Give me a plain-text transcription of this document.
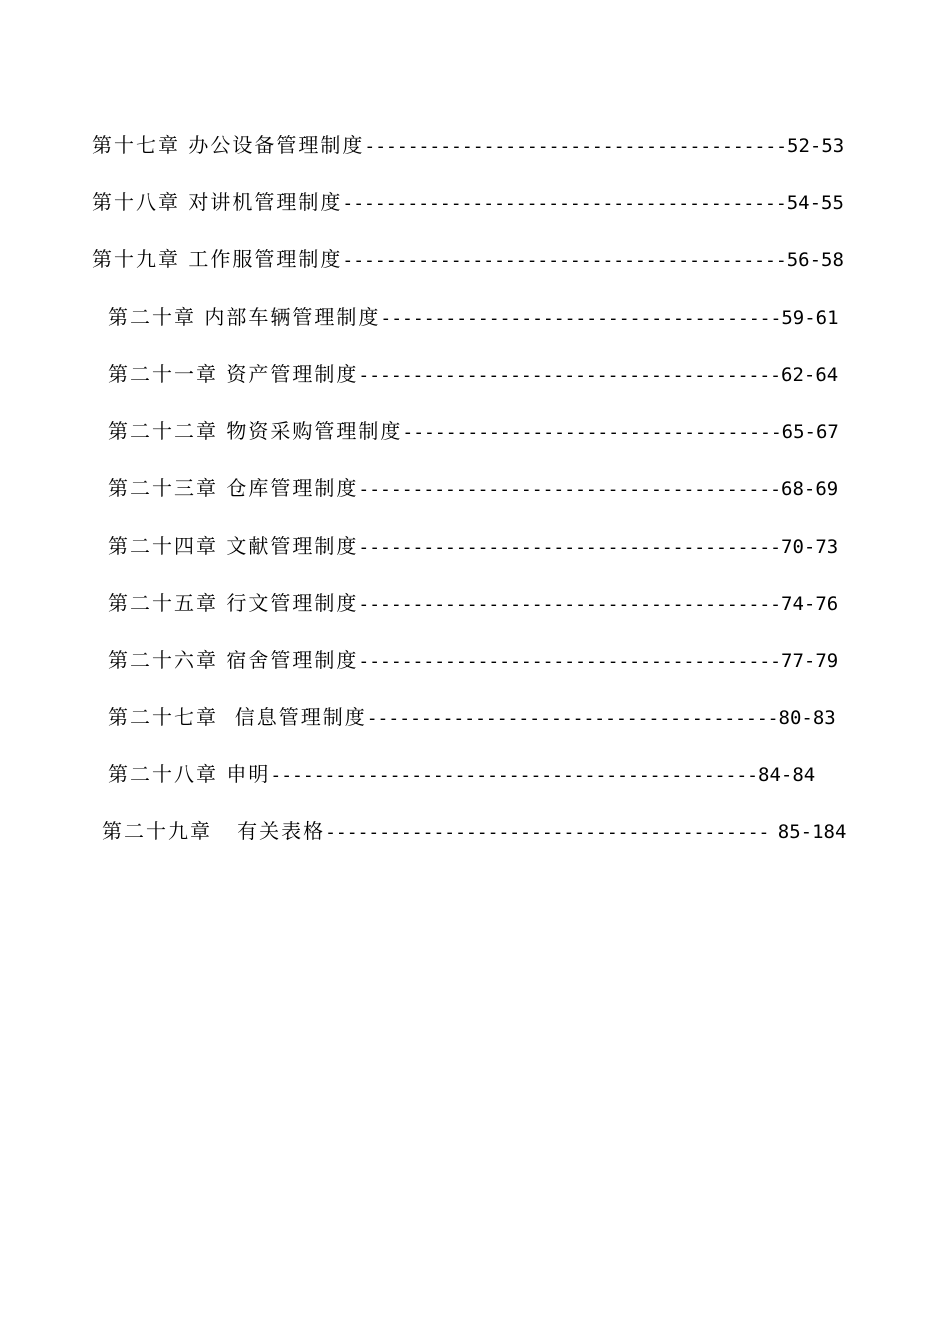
第十七章 办公设备管理制度---------------------------------------52-53
第十八章 对讲机管理制度-----------------------------------------54-55
第十九章 工作服管理制度-----------------------------------------56-58
第二十章 内部车辆管理制度-------------------------------------59-61
第二十一章 资产管理制度---------------------------------------62-64
第二十二章 物资采购管理制度-----------------------------------65-67
第二十三章 仓库管理制度---------------------------------------68-69
第二十四章 文献管理制度---------------------------------------70-73
第二十五章 行文管理制度---------------------------------------74-76
第二十六章 宿舍管理制度---------------------------------------77-79
第二十七章 信息管理制度--------------------------------------80-83
第二十八章 申明---------------------------------------------84-84
第二十九章 有关表格----------------------------------------- 85-184
